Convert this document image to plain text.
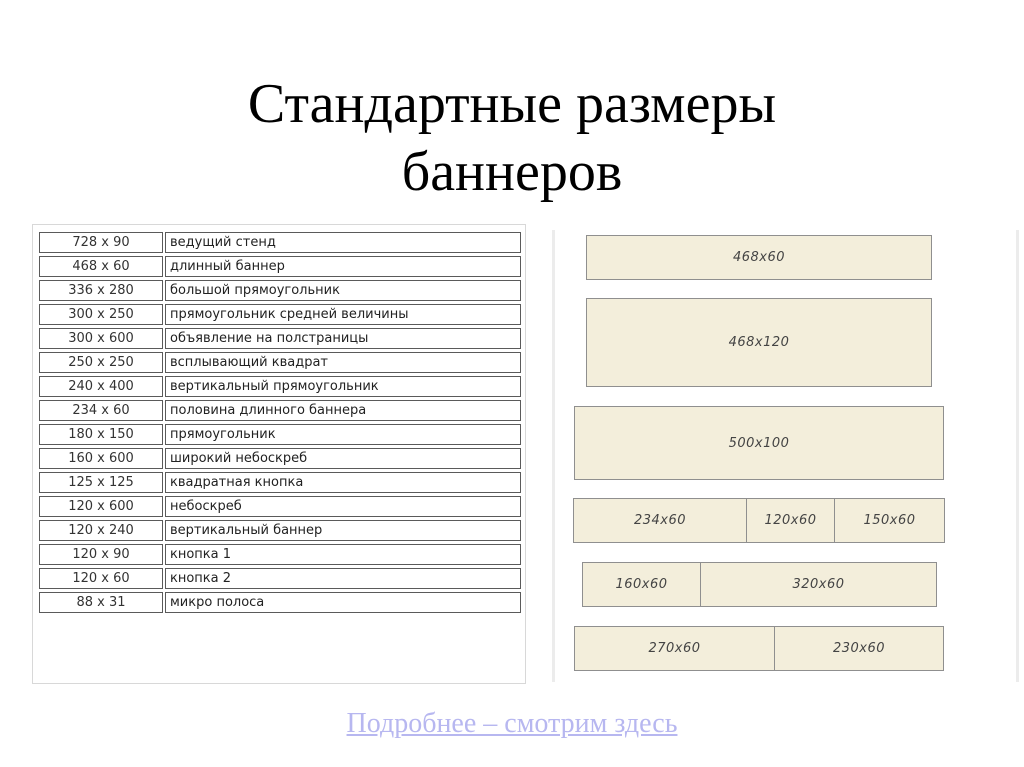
Стандартные размеры
баннеров
728 x 90	ведущий стенд
468 x 60	длинный баннер
336 x 280	большой прямоугольник
300 x 250	прямоугольник средней величины
300 x 600	объявление на полстраницы
250 x 250	всплывающий квадрат
240 x 400	вертикальный прямоугольник
234 x 60	половина длинного баннера
180 x 150	прямоугольник
160 x 600	широкий небоскреб
125 x 125	квадратная кнопка
120 x 600	небоскреб
120 x 240	вертикальный баннер
120 x 90	кнопка 1
120 x 60	кнопка 2
88 x 31	микро полоса
468x60
468x120
500x100
234x60	120x60	150x60
160x60	320x60
270x60	230x60
Подробнее – смотрим здесь
